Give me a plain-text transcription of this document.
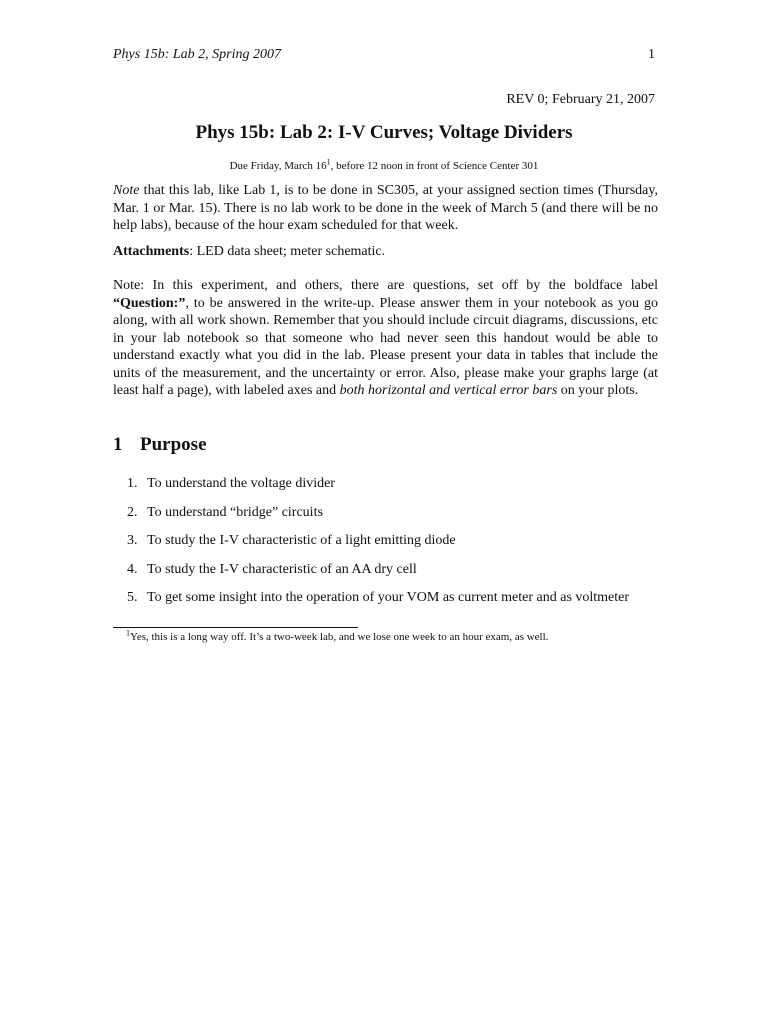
Phys 15b: Lab 2, Spring 2007	1
REV 0; February 21, 2007
Phys 15b: Lab 2: I-V Curves; Voltage Dividers
Due Friday, March $16^1$, before 12 noon in front of Science Center 301
Note that this lab, like Lab 1, is to be done in SC305, at your assigned section times (Thursday, Mar. 1 or Mar. 15). There is no lab work to be done in the week of March 5 (and there will be no help labs), because of the hour exam scheduled for that week.
Attachments: LED data sheet; meter schematic.
Note: In this experiment, and others, there are questions, set off by the boldface label “Question:”, to be answered in the write-up. Please answer them in your notebook as you go along, with all work shown. Remember that you should include circuit diagrams, discussions, etc in your lab notebook so that someone who had never seen this handout would be able to understand exactly what you did in the lab. Please present your data in tables that include the units of the measurement, and the uncertainty or error. Also, please make your graphs large (at least half a page), with labeled axes and both horizontal and vertical error bars on your plots.
1 Purpose
1. To understand the voltage divider
2. To understand “bridge” circuits
3. To study the I-V characteristic of a light emitting diode
4. To study the I-V characteristic of an AA dry cell
5. To get some insight into the operation of your VOM as current meter and as voltmeter
$^1$Yes, this is a long way off. It’s a two-week lab, and we lose one week to an hour exam, as well.
